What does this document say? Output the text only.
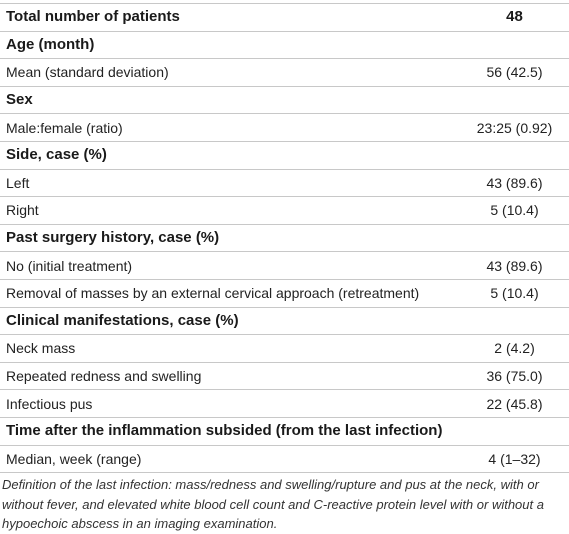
Total number of patients	48
Age (month)	
Mean (standard deviation)	56 (42.5)
Sex	
Male:female (ratio)	23:25 (0.92)
Side, case (%)	
Left	43 (89.6)
Right	5 (10.4)
Past surgery history, case (%)	
No (initial treatment)	43 (89.6)
Removal of masses by an external cervical approach (retreatment)	5 (10.4)
Clinical manifestations, case (%)	
Neck mass	2 (4.2)
Repeated redness and swelling	36 (75.0)
Infectious pus	22 (45.8)
Time after the inflammation subsided (from the last infection)	
Median, week (range)	4 (1–32)
Definition of the last infection: mass/redness and swelling/rupture and pus at the neck, with or without fever, and elevated white blood cell count and C-reactive protein level with or without a hypoechoic abscess in an imaging examination.
